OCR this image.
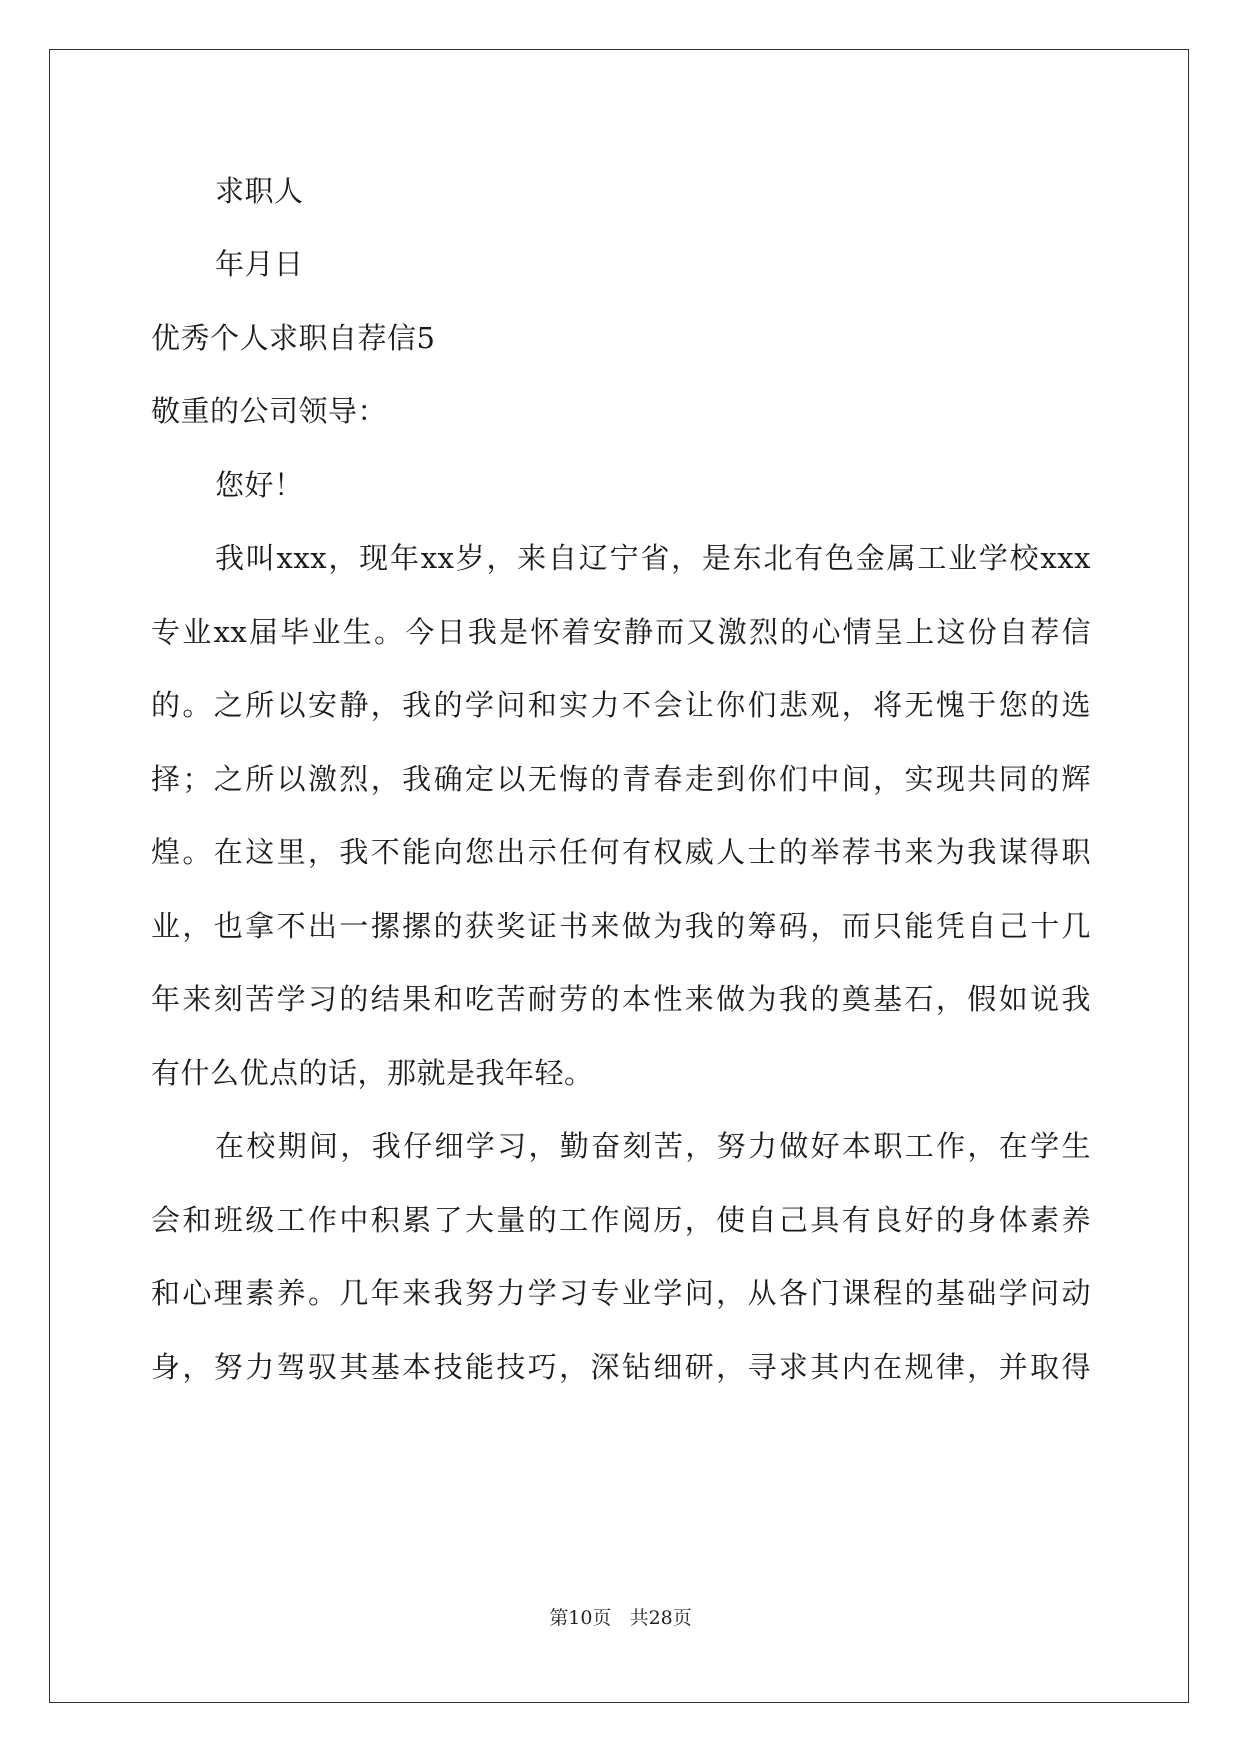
求职人
年月日
优秀个人求职自荐信5
敬重的公司领导：
您好！
我叫xxx，现年xx岁，来自辽宁省，是东北有色金属工业学校xxx
专业xx届毕业生。今日我是怀着安静而又激烈的心情呈上这份自荐信
的。之所以安静，我的学问和实力不会让你们悲观，将无愧于您的选
择；之所以激烈，我确定以无悔的青春走到你们中间，实现共同的辉
煌。在这里，我不能向您出示任何有权威人士的举荐书来为我谋得职
业，也拿不出一摞摞的获奖证书来做为我的筹码，而只能凭自己十几
年来刻苦学习的结果和吃苦耐劳的本性来做为我的奠基石，假如说我
有什么优点的话，那就是我年轻。
在校期间，我仔细学习，勤奋刻苦，努力做好本职工作，在学生
会和班级工作中积累了大量的工作阅历，使自己具有良好的身体素养
和心理素养。几年来我努力学习专业学问，从各门课程的基础学问动
身，努力驾驭其基本技能技巧，深钻细研，寻求其内在规律，并取得
第10页 共28页
